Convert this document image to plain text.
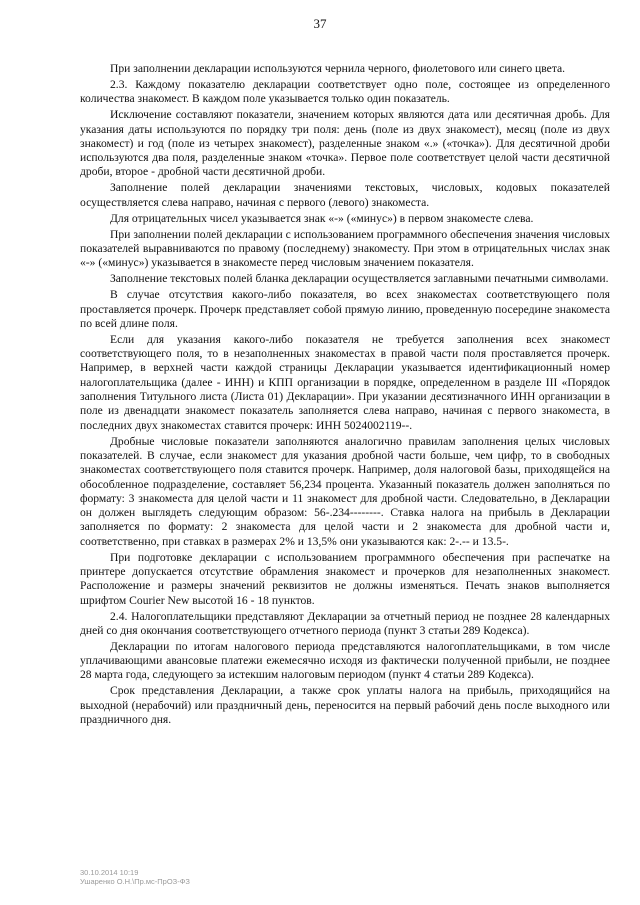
37

При заполнении декларации используются чернила черного, фиолетового или синего цвета.

2.3. Каждому показателю декларации соответствует одно поле, состоящее из определенного количества знакомест. В каждом поле указывается только один показатель.

Исключение составляют показатели, значением которых являются дата или десятичная дробь. Для указания даты используются по порядку три поля: день (поле из двух знакомест), месяц (поле из двух знакомест) и год (поле из четырех знакомест), разделенные знаком «.» («точка»). Для десятичной дроби используются два поля, разделенные знаком «точка». Первое поле соответствует целой части десятичной дроби, второе - дробной части десятичной дроби.

Заполнение полей декларации значениями текстовых, числовых, кодовых показателей осуществляется слева направо, начиная с первого (левого) знакоместа.

Для отрицательных чисел указывается знак «-» («минус») в первом знакоместе слева.

При заполнении полей декларации с использованием программного обеспечения значения числовых показателей выравниваются по правому (последнему) знакоместу. При этом в отрицательных числах знак «-» («минус») указывается в знакоместе перед числовым значением показателя.

Заполнение текстовых полей бланка декларации осуществляется заглавными печатными символами.

В случае отсутствия какого-либо показателя, во всех знакоместах соответствующего поля проставляется прочерк. Прочерк представляет собой прямую линию, проведенную посередине знакоместа по всей длине поля.

Если для указания какого-либо показателя не требуется заполнения всех знакомест соответствующего поля, то в незаполненных знакоместах в правой части поля проставляется прочерк. Например, в верхней части каждой страницы Декларации указывается идентификационный номер налогоплательщика (далее - ИНН) и КПП организации в порядке, определенном в разделе III «Порядок заполнения Титульного листа (Листа 01) Декларации». При указании десятизначного ИНН организации в поле из двенадцати знакомест показатель заполняется слева направо, начиная с первого знакоместа, в последних двух знакоместах ставится прочерк: ИНН 5024002119--.

Дробные числовые показатели заполняются аналогично правилам заполнения целых числовых показателей. В случае, если знакомест для указания дробной части больше, чем цифр, то в свободных знакоместах соответствующего поля ставится прочерк. Например, доля налоговой базы, приходящейся на обособленное подразделение, составляет 56,234 процента. Указанный показатель должен заполняться по формату: 3 знакоместа для целой части и 11 знакомест для дробной части. Следовательно, в Декларации он должен выглядеть следующим образом: 56-.234--------. Ставка налога на прибыль в Декларации заполняется по формату: 2 знакоместа для целой части и 2 знакоместа для дробной части и, соответственно, при ставках в размерах 2% и 13,5% они указываются как: 2-.-- и 13.5-.

При подготовке декларации с использованием программного обеспечения при распечатке на принтере допускается отсутствие обрамления знакомест и прочерков для незаполненных знакомест. Расположение и размеры значений реквизитов не должны изменяться. Печать знаков выполняется шрифтом Courier New высотой 16 - 18 пунктов.

2.4. Налогоплательщики представляют Декларации за отчетный период не позднее 28 календарных дней со дня окончания соответствующего отчетного периода (пункт 3 статьи 289 Кодекса).

Декларации по итогам налогового периода представляются налогоплательщиками, в том числе уплачивающими авансовые платежи ежемесячно исходя из фактически полученной прибыли, не позднее 28 марта года, следующего за истекшим налоговым периодом (пункт 4 статьи 289 Кодекса).

Срок представления Декларации, а также срок уплаты налога на прибыль, приходящийся на выходной (нерабочий) или праздничный день, переносится на первый рабочий день после выходного или праздничного дня.

30.10.2014 10:19
Ушаренко О.Н.\Пр.мс-ПрОЗ-ФЗ
